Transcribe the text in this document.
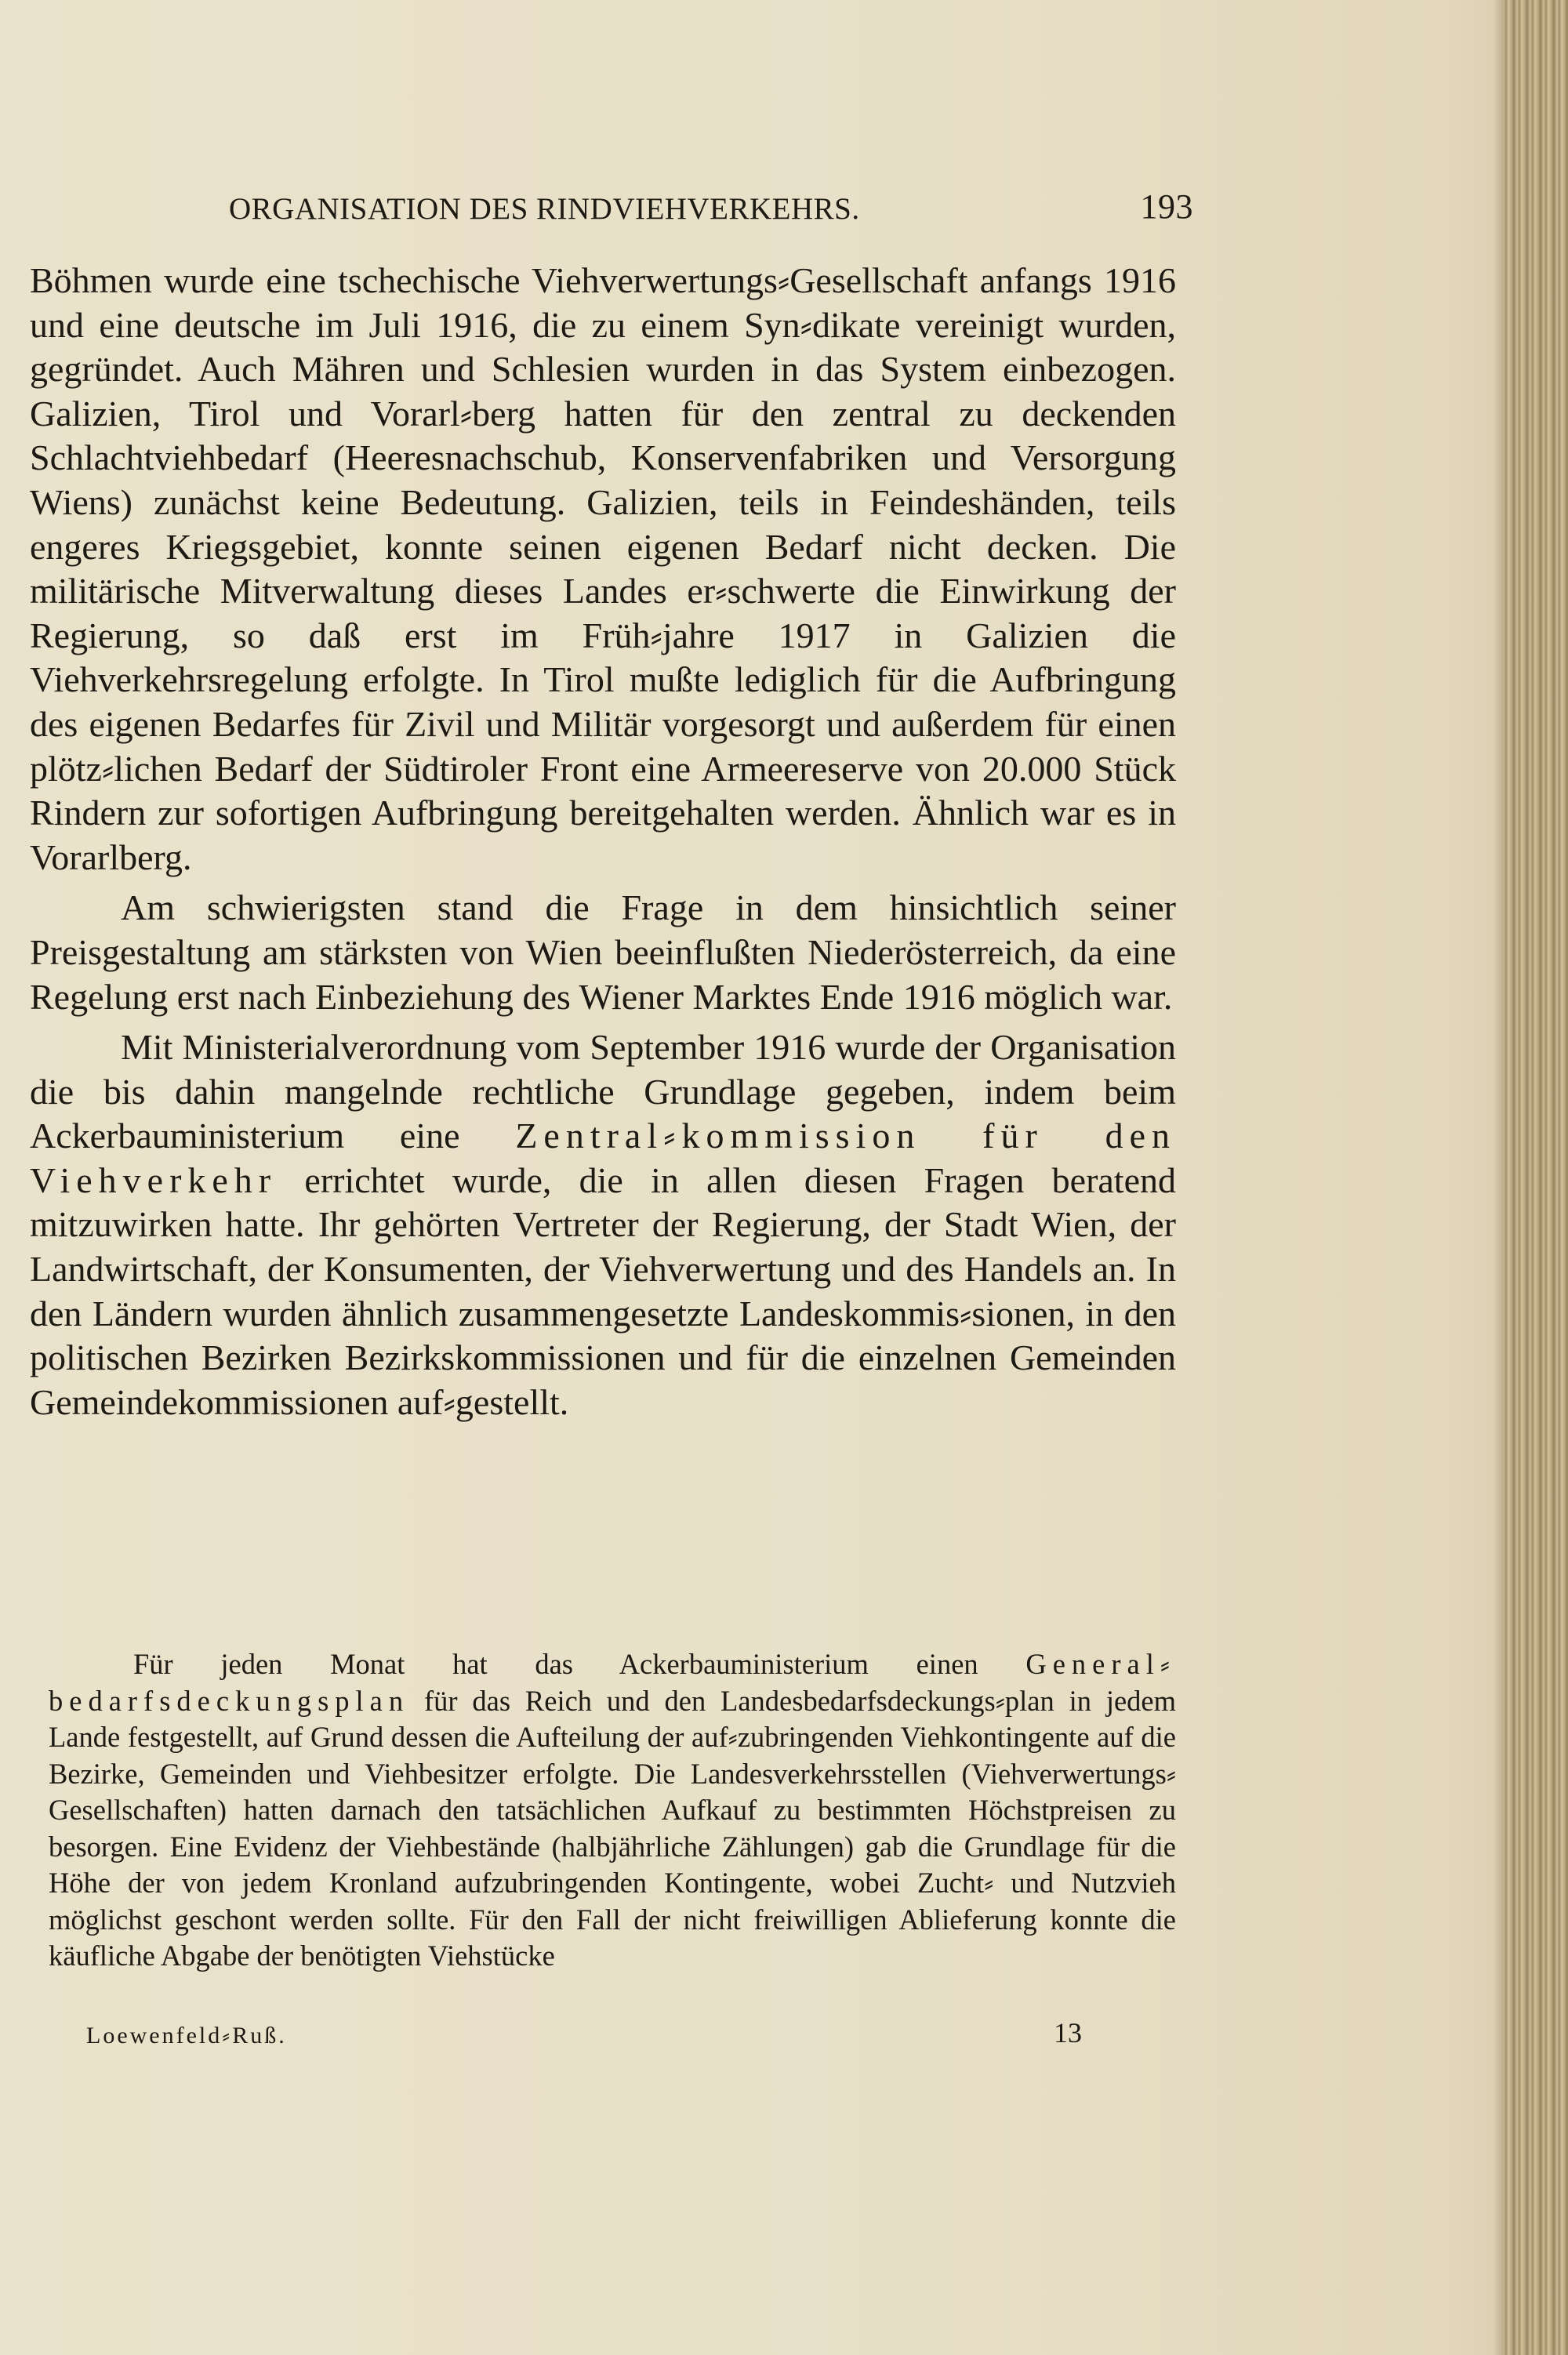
ORGANISATION DES RINDVIEHVERKEHRS.	193

Böhmen wurde eine tschechische Viehverwertungs⸗Gesellschaft anfangs 1916 und eine deutsche im Juli 1916, die zu einem Syn⸗dikate vereinigt wurden, gegründet. Auch Mähren und Schlesien wurden in das System einbezogen. Galizien, Tirol und Vorarl⸗berg hatten für den zentral zu deckenden Schlachtviehbedarf (Heeresnachschub, Konservenfabriken und Versorgung Wiens) zunächst keine Bedeutung. Galizien, teils in Feindeshänden, teils engeres Kriegsgebiet, konnte seinen eigenen Bedarf nicht decken. Die militärische Mitverwaltung dieses Landes er⸗schwerte die Einwirkung der Regierung, so daß erst im Früh⸗jahre 1917 in Galizien die Viehverkehrsregelung erfolgte. In Tirol mußte lediglich für die Aufbringung des eigenen Bedarfes für Zivil und Militär vorgesorgt und außerdem für einen plötz⸗lichen Bedarf der Südtiroler Front eine Armeereserve von 20.000 Stück Rindern zur sofortigen Aufbringung bereitgehalten werden. Ähnlich war es in Vorarlberg.

Am schwierigsten stand die Frage in dem hinsichtlich seiner Preisgestaltung am stärksten von Wien beeinflußten Niederösterreich, da eine Regelung erst nach Einbeziehung des Wiener Marktes Ende 1916 möglich war.

Mit Ministerialverordnung vom September 1916 wurde der Organisation die bis dahin mangelnde rechtliche Grundlage gegeben, indem beim Ackerbauministerium eine Zentral⸗kommission für den Viehverkehr errichtet wurde, die in allen diesen Fragen beratend mitzuwirken hatte. Ihr gehörten Vertreter der Regierung, der Stadt Wien, der Landwirtschaft, der Konsumenten, der Viehverwertung und des Handels an. In den Ländern wurden ähnlich zusammengesetzte Landeskommis⸗sionen, in den politischen Bezirken Bezirkskommissionen und für die einzelnen Gemeinden Gemeindekommissionen auf⸗gestellt.

Für jeden Monat hat das Ackerbauministerium einen General⸗bedarfsdeckungsplan für das Reich und den Landesbedarfsdeckungs⸗plan in jedem Lande festgestellt, auf Grund dessen die Aufteilung der auf⸗zubringenden Viehkontingente auf die Bezirke, Gemeinden und Viehbesitzer erfolgte. Die Landesverkehrsstellen (Viehverwertungs⸗Gesellschaften) hatten darnach den tatsächlichen Aufkauf zu bestimmten Höchstpreisen zu besorgen. Eine Evidenz der Viehbestände (halbjährliche Zählungen) gab die Grundlage für die Höhe der von jedem Kronland aufzubringenden Kontingente, wobei Zucht⸗ und Nutzvieh möglichst geschont werden sollte. Für den Fall der nicht freiwilligen Ablieferung konnte die käufliche Abgabe der benötigten Viehstücke
Loewenfeld⸗Ruß.	13
